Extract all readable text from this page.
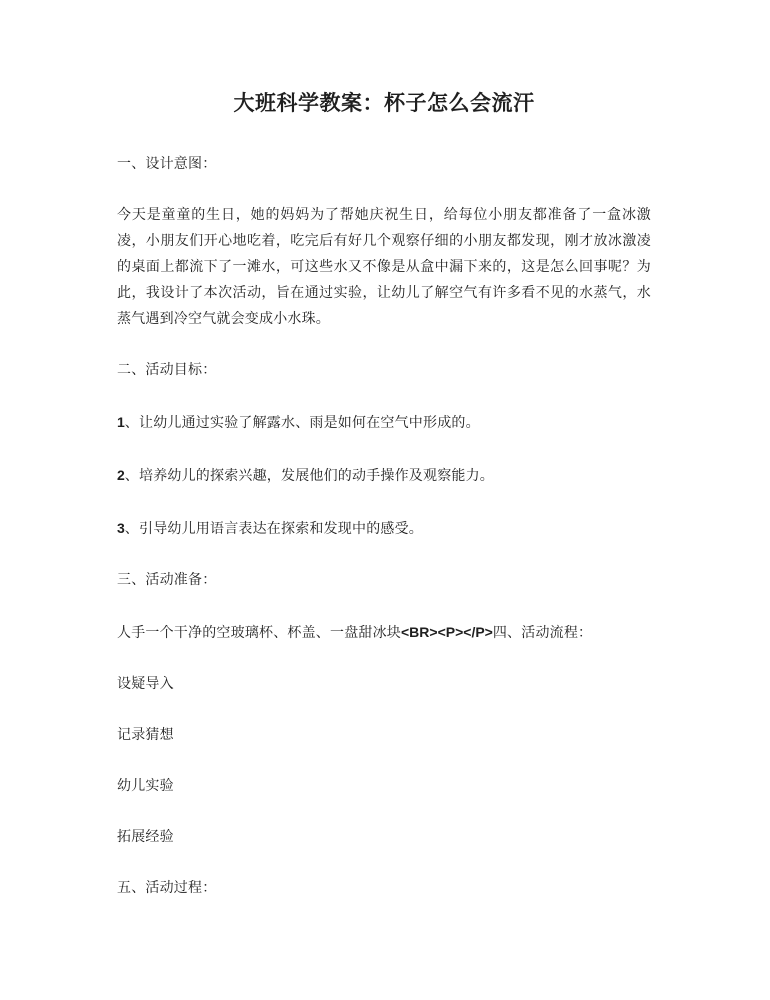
大班科学教案：杯子怎么会流汗

一、设计意图：

今天是童童的生日，她的妈妈为了帮她庆祝生日，给每位小朋友都准备了一盒冰激凌，小朋友们开心地吃着，吃完后有好几个观察仔细的小朋友都发现，刚才放冰激凌的桌面上都流下了一滩水，可这些水又不像是从盒中漏下来的，这是怎么回事呢？为此，我设计了本次活动，旨在通过实验，让幼儿了解空气有许多看不见的水蒸气，水蒸气遇到冷空气就会变成小水珠。

二、活动目标：

1、让幼儿通过实验了解露水、雨是如何在空气中形成的。

2、培养幼儿的探索兴趣，发展他们的动手操作及观察能力。

3、引导幼儿用语言表达在探索和发现中的感受。

三、活动准备：

人手一个干净的空玻璃杯、杯盖、一盘甜冰块<BR><P></P>四、活动流程：

设疑导入

记录猜想

幼儿实验

拓展经验

五、活动过程：
